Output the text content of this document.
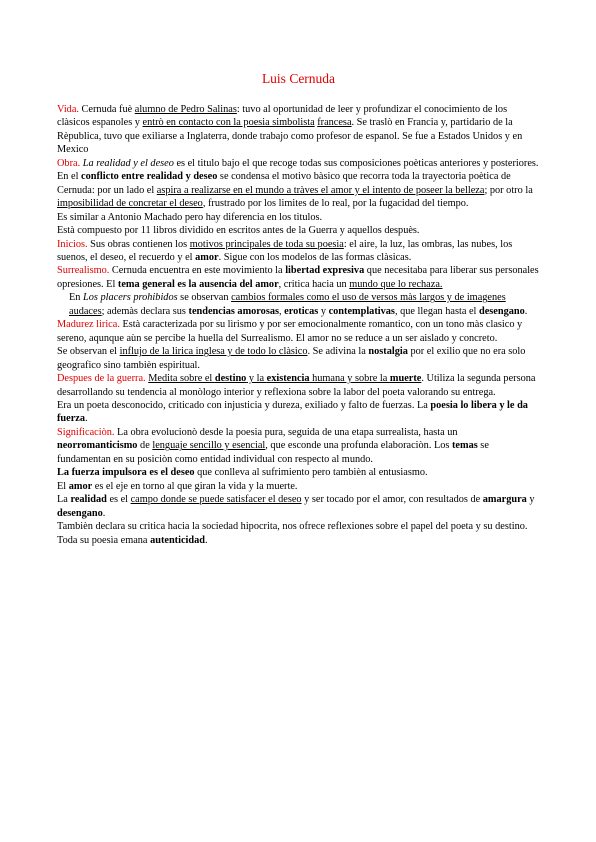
Luis Cernuda

Vida. Cernuda fuè alumno de Pedro Salinas: tuvo al oportunidad de leer y profundizar el conocimiento de los clàsicos espanoles y entrò en contacto con la poesia simbolista francesa. Se traslò en Francia y, partidario de la Rèpublica, tuvo que exiliarse a Inglaterra, donde trabajo como profesor de espanol. Se fue a Estados Unidos y en Mexico

Obra. La realidad y el deseo es el titulo bajo el que recoge todas sus composiciones poèticas anteriores y posteriores. En el conflicto entre realidad y deseo se condensa el motivo bàsico que recorra toda la trayectoria poètica de Cernuda: por un lado el aspira a realizarse en el mundo a tràves el amor y el intento de poseer la belleza; por otro la imposibilidad de concretar el deseo, frustrado por los limites de lo real, por la fugacidad del tiempo.

Es similar a Antonio Machado pero hay diferencia en los titulos.

Està compuesto por 11 libros dividido en escritos antes de la Guerra y aquellos despuès.

Inicios. Sus obras contienen los motivos principales de toda su poesìa: el aire, la luz, las ombras, las nubes, los suenos, el deseo, el recuerdo y el amor. Sigue con los modelos de las formas clàsicas.

Surrealismo. Cernuda encuentra en este movimiento la libertad expresiva que necesitaba para liberar sus personales opresiones. El tema general es la ausencia del amor, critica hacia un mundo que lo rechaza.

En Los placers prohibidos se observan cambios formales como el uso de versos màs largos y de imagenes audaces; ademàs declara sus tendencias amorosas, eroticas y contemplativas, que llegan hasta el desengano.

Madurez lirica. Està caracterizada por su lìrismo y por ser emocionalmente romantico, con un tono màs clasico y sereno, aqunque aùn se percibe la huella del Surrealismo. El amor no se reduce a un ser aislado y concreto.

Se observan el influjo de la lirica inglesa y de todo lo clàsico. Se adivina la nostalgia por el exilio que no era solo geografico sino tambièn espiritual.

Despues de la guerra. Medita sobre el destino y la existencia humana y sobre la muerte. Utiliza la segunda persona desarrollando su tendencia al monòlogo interior y reflexiona sobre la labor del poeta valorando su entrega.

Era un poeta desconocido, criticado con injusticia y dureza, exiliado y falto de fuerzas. La poesia lo libera y le da fuerza.

Significaciòn. La obra evolucionò desde la poesia pura, seguida de una etapa surrealista, hasta un neorromanticismo de lenguaje sencillo y esencial, que esconde una profunda elaboraciòn. Los temas se fundamentan en su posiciòn como entidad individual con respecto al mundo.

La fuerza impulsora es el deseo que conlleva al sufrimiento pero tambièn al entusiasmo.

El amor es el eje en torno al que giran la vida y la muerte.

La realidad es el campo donde se puede satisfacer el deseo y ser tocado por el amor, con resultados de amargura y desengano.

Tambièn declara su critica hacia la sociedad hipocrita, nos ofrece reflexiones sobre el papel del poeta y su destino. Toda su poesìa emana autenticidad.
